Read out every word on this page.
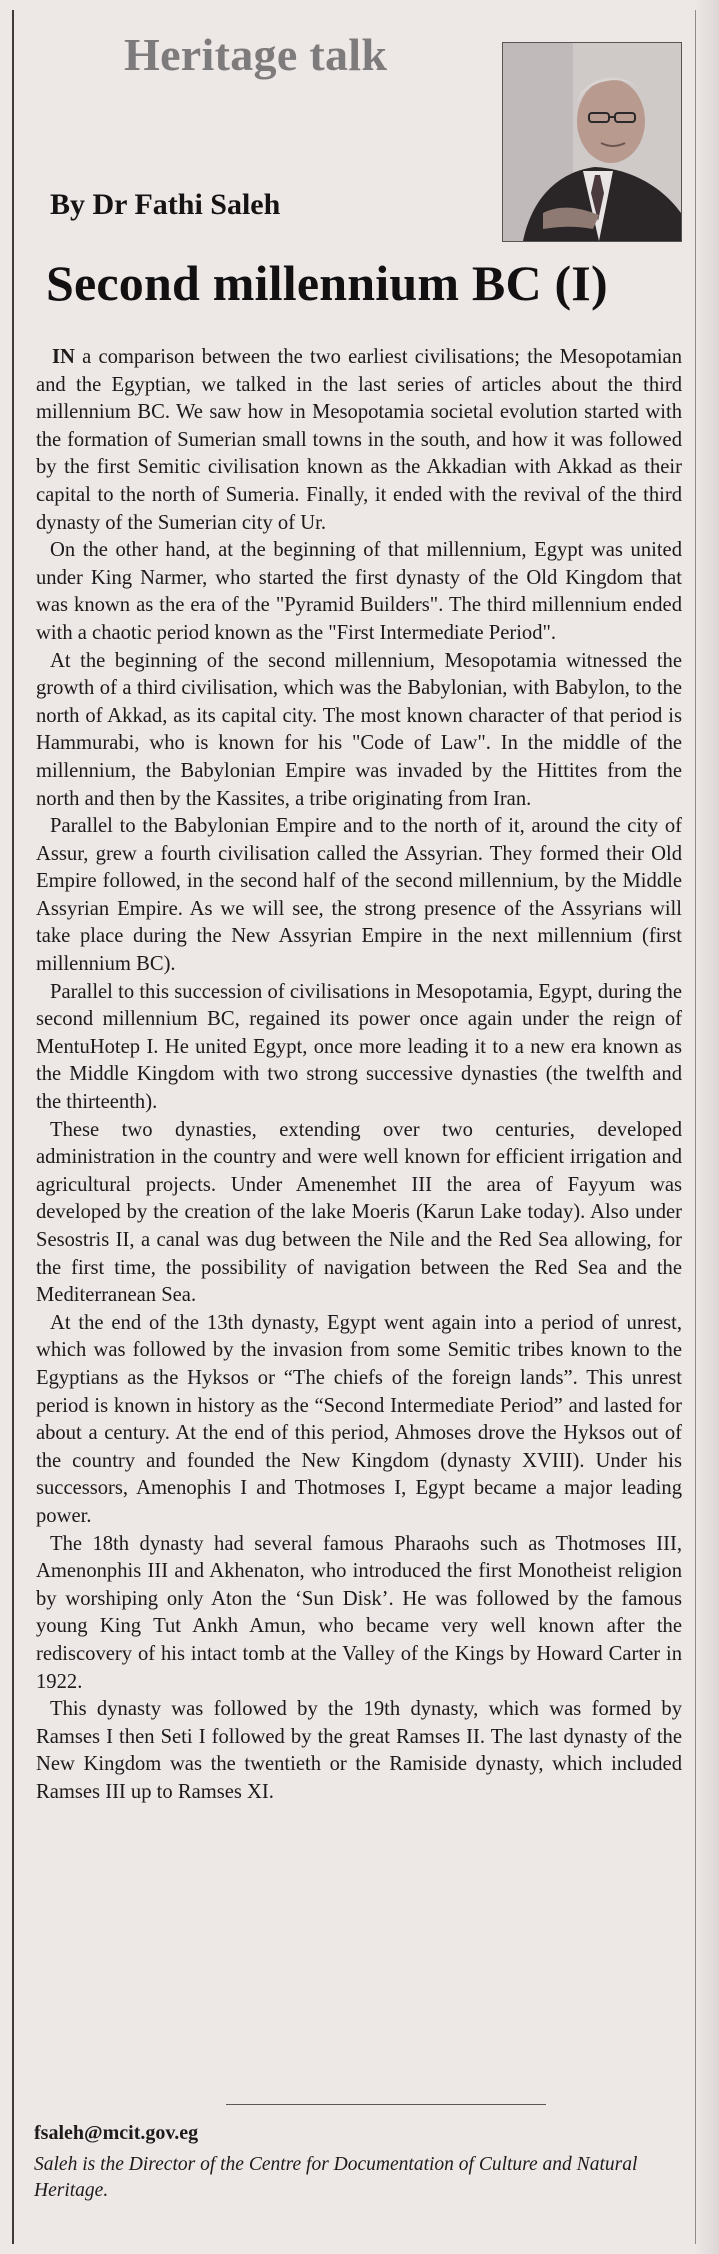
Heritage talk
By Dr Fathi Saleh
Second millennium BC (I)

IN a comparison between the two earliest civilisations; the Mesopotamian and the Egyptian, we talked in the last series of articles about the third millennium BC. We saw how in Mesopotamia societal evolution started with the formation of Sumerian small towns in the south, and how it was followed by the first Semitic civilisation known as the Akkadian with Akkad as their capital to the north of Sumeria. Finally, it ended with the revival of the third dynasty of the Sumerian city of Ur.

On the other hand, at the beginning of that millennium, Egypt was united under King Narmer, who started the first dynasty of the Old Kingdom that was known as the era of the "Pyramid Builders". The third millennium ended with a chaotic period known as the "First Intermediate Period".

At the beginning of the second millennium, Mesopotamia witnessed the growth of a third civilisation, which was the Babylonian, with Babylon, to the north of Akkad, as its capital city. The most known character of that period is Hammurabi, who is known for his "Code of Law". In the middle of the millennium, the Babylonian Empire was invaded by the Hittites from the north and then by the Kassites, a tribe originating from Iran.

Parallel to the Babylonian Empire and to the north of it, around the city of Assur, grew a fourth civilisation called the Assyrian. They formed their Old Empire followed, in the second half of the second millennium, by the Middle Assyrian Empire. As we will see, the strong presence of the Assyrians will take place during the New Assyrian Empire in the next millennium (first millennium BC).

Parallel to this succession of civilisations in Mesopotamia, Egypt, during the second millennium BC, regained its power once again under the reign of MentuHotep I. He united Egypt, once more leading it to a new era known as the Middle Kingdom with two strong successive dynasties (the twelfth and the thirteenth).

These two dynasties, extending over two centuries, developed administration in the country and were well known for efficient irrigation and agricultural projects. Under Amenemhet III the area of Fayyum was developed by the creation of the lake Moeris (Karun Lake today). Also under Sesostris II, a canal was dug between the Nile and the Red Sea allowing, for the first time, the possibility of navigation between the Red Sea and the Mediterranean Sea.

At the end of the 13th dynasty, Egypt went again into a period of unrest, which was followed by the invasion from some Semitic tribes known to the Egyptians as the Hyksos or “The chiefs of the foreign lands”. This unrest period is known in history as the “Second Intermediate Period” and lasted for about a century. At the end of this period, Ahmoses drove the Hyksos out of the country and founded the New Kingdom (dynasty XVIII). Under his successors, Amenophis I and Thotmoses I, Egypt became a major leading power.

The 18th dynasty had several famous Pharaohs such as Thotmoses III, Amenonphis III and Akhenaton, who introduced the first Monotheist religion by worshiping only Aton the ‘Sun Disk’. He was followed by the famous young King Tut Ankh Amun, who became very well known after the rediscovery of his intact tomb at the Valley of the Kings by Howard Carter in 1922.

This dynasty was followed by the 19th dynasty, which was formed by Ramses I then Seti I followed by the great Ramses II. The last dynasty of the New Kingdom was the twentieth or the Ramiside dynasty, which included Ramses III up to Ramses XI.

fsaleh@mcit.gov.eg
Saleh is the Director of the Centre for Documentation of Culture and Natural Heritage.
